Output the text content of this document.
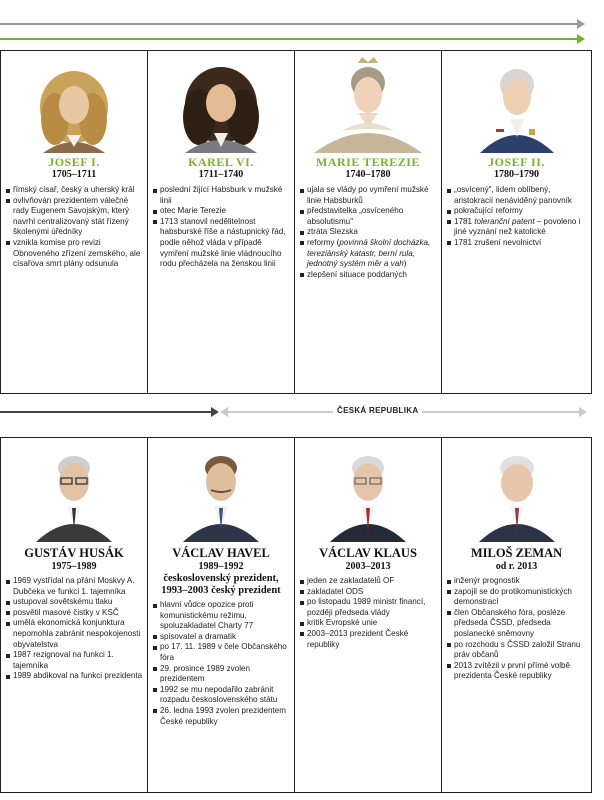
JOSEF I.
1705–1711
římský císař, český a uherský král
ovlivňován prezidentem válečné rady Eugenem Savojským, který navrhl centralizovaný stát řízený školenými úředníky
vznikla komise pro revizi Obnoveného zřízení zemského, ale císařova smrt plány odsunula
KAREL VI.
1711–1740
poslední žijící Habsburk v mužské linii
otec Marie Terezie
1713 stanovil nedělitelnost habsburské říše a nástupnický řád, podle něhož vláda v případě vymření mužské linie vládnoucího rodu přecházela na ženskou linii
MARIE TEREZIE
1740–1780
ujala se vlády po vymření mužské linie Habsburků
představitelka „osvíceného absolutismu"
ztráta Slezska
reformy (povinná školní docházka, tereziánský katastr, berní rula, jednotný systém měr a vah)
zlepšení situace poddaných
JOSEF II.
1780–1790
„osvícený", lidem oblíbený, aristokracií nenáviděný panovník
pokračující reformy
1781 toleranční patent – povoleno i jiné vyznání než katolické
1781 zrušení nevolnictví
ČESKÁ REPUBLIKA
GUSTÁV HUSÁK
1975–1989
1969 vystřídal na přání Moskvy A. Dubčeka ve funkci 1. tajemníka
ustupoval sovětskému tlaku
posvětil masové čistky v KSČ
umělá ekonomická konjunktura nepomohla zabránit nespokojenosti obyvatelstva
1987 rezignoval na funkci 1. tajemníka
1989 abdikoval na funkci prezidenta
VÁCLAV HAVEL
1989–1992
československý prezident, 1993–2003 český prezident
hlavní vůdce opozice proti komunistickému režimu, spoluzakladatel Charty 77
spisovatel a dramatik
po 17. 11. 1989 v čele Občanského fóra
29. prosince 1989 zvolen prezidentem
1992 se mu nepodařilo zabránit rozpadu československého státu
26. ledna 1993 zvolen prezidentem České republiky
VÁCLAV KLAUS
2003–2013
jeden ze zakladatelů OF
zakladatel ODS
po listopadu 1989 ministr financí, později předseda vlády
kritik Evropské unie
2003–2013 prezident České republiky
MILOŠ ZEMAN
od r. 2013
inženýr prognostik
zapojil se do protikomunistických demonstrací
člen Občanského fóra, posléze předseda ČSSD, předseda poslanecké sněmovny
po rozchodu s ČSSD založil Stranu práv občanů
2013 zvítězil v první přímé volbě prezidenta České republiky
